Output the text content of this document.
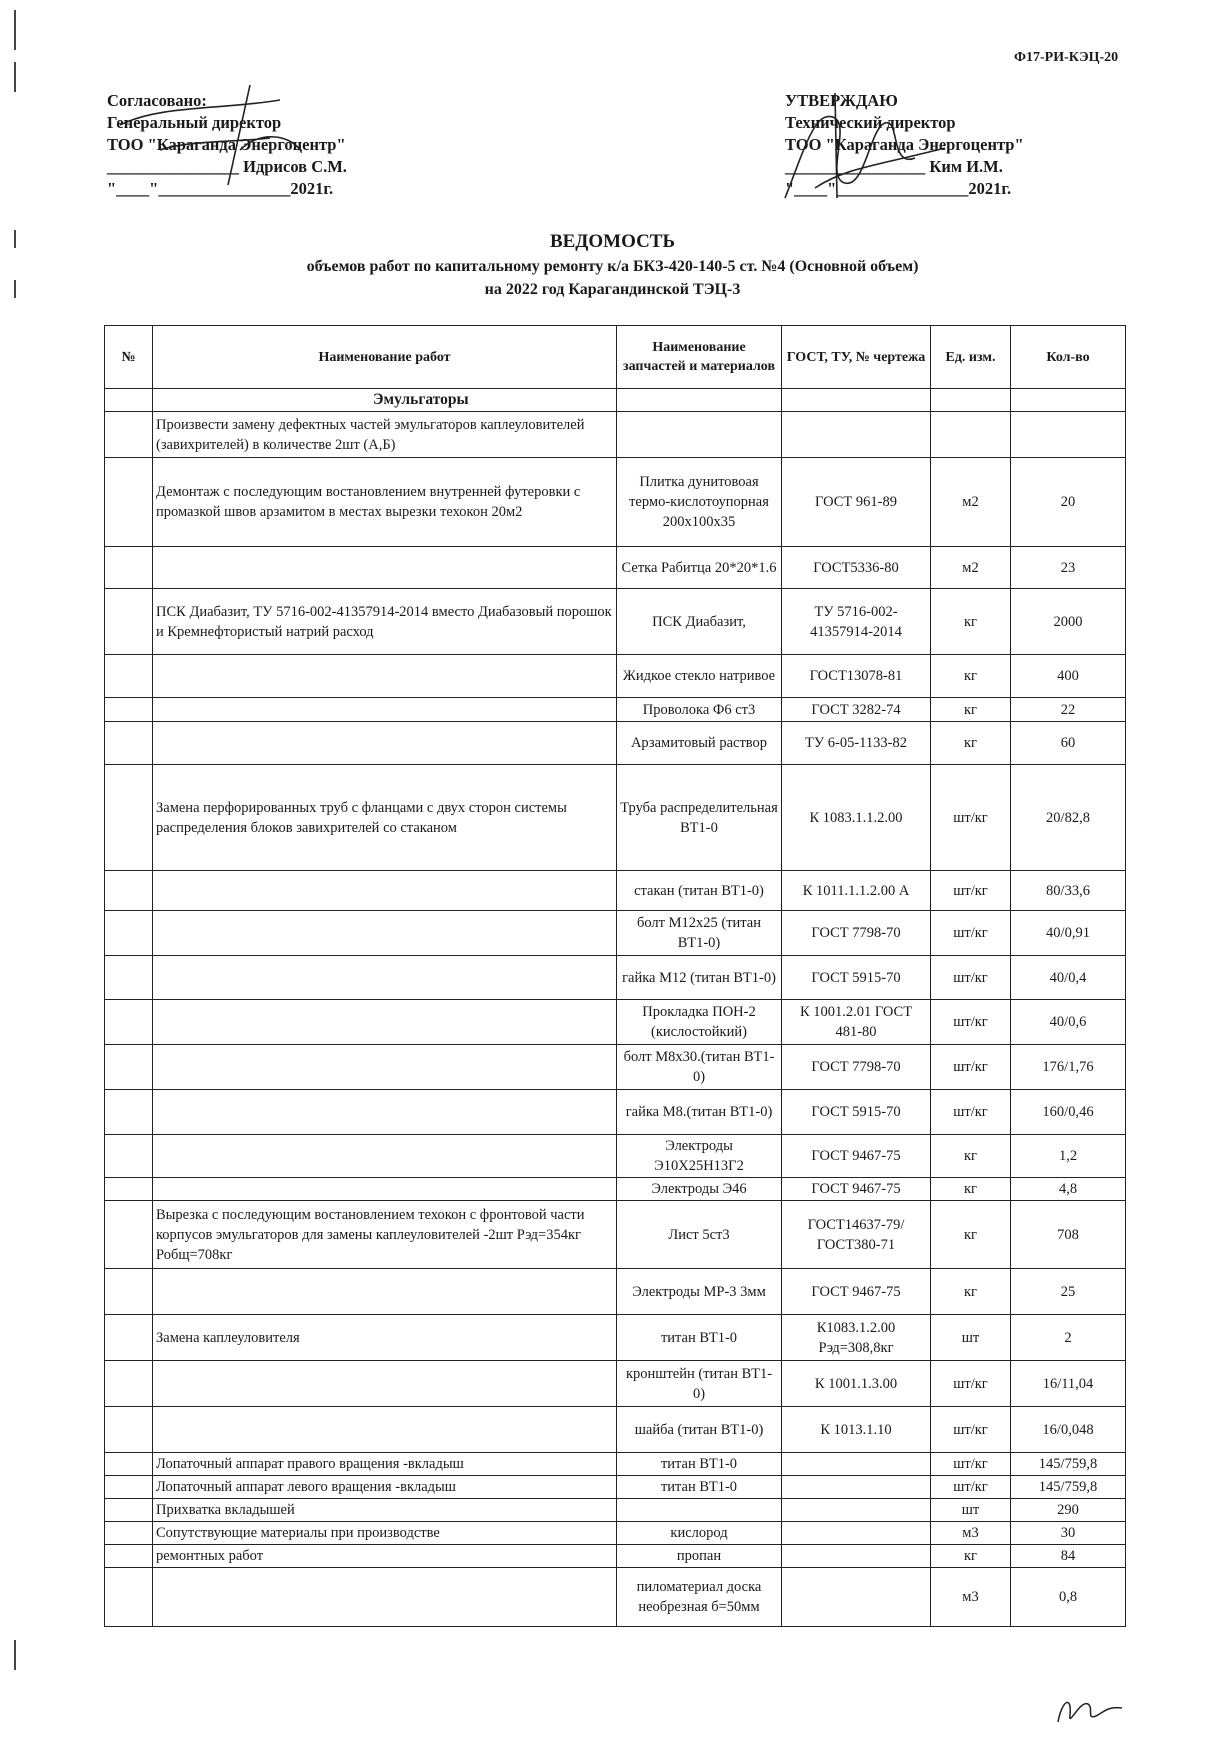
Ф17-РИ-КЭЦ-20
Согласовано:
Генеральный директор
ТОО "Караганда Энергоцентр"
________________ Идрисов С.М.
"____"________________2021г.
УТВЕРЖДАЮ
Технический директор
ТОО "Караганда Энергоцентр"
_________________ Ким И.М.
"____"________________2021г.
ВЕДОМОСТЬ
объемов работ по капитальному ремонту к/а БКЗ-420-140-5 ст. №4 (Основной объем)
на 2022 год Карагандинской ТЭЦ-3
№	Наименование работ	Наименование запчастей и материалов	ГОСТ, ТУ, № чертежа	Ед. изм.	Кол-во
	Эмульгаторы				
	Произвести замену дефектных частей эмульгаторов каплеуловителей (завихрителей) в количестве 2шт (А,Б)				
	Демонтаж с последующим востановлением внутренней футеровки с промазкой швов арзамитом в местах вырезки техокон 20м2	Плитка дунитовоая термо-кислотоупорная 200х100х35	ГОСТ 961-89	м2	20
		Сетка Рабитца 20*20*1.6	ГОСТ5336-80	м2	23
	ПСК Диабазит, ТУ 5716-002-41357914-2014 вместо Диабазовый порошок и Кремнефтористый натрий расход	ПСК Диабазит,	ТУ 5716-002-41357914-2014	кг	2000
		Жидкое стекло натривое	ГОСТ13078-81	кг	400
		Проволока Ф6 ст3	ГОСТ 3282-74	кг	22
		Арзамитовый раствор	ТУ 6-05-1133-82	кг	60
	Замена перфорированных труб с фланцами с двух сторон системы распределения блоков завихрителей со стаканом	Труба распределительная ВТ1-0	К 1083.1.1.2.00	шт/кг	20/82,8
		стакан (титан ВТ1-0)	К 1011.1.1.2.00 А	шт/кг	80/33,6
		болт М12х25 (титан ВТ1-0)	ГОСТ 7798-70	шт/кг	40/0,91
		гайка М12 (титан ВТ1-0)	ГОСТ 5915-70	шт/кг	40/0,4
		Прокладка ПОН-2 (кислостойкий)	К 1001.2.01 ГОСТ 481-80	шт/кг	40/0,6
		болт М8х30.(титан ВТ1-0)	ГОСТ 7798-70	шт/кг	176/1,76
		гайка М8.(титан ВТ1-0)	ГОСТ 5915-70	шт/кг	160/0,46
		Электроды Э10Х25Н13Г2	ГОСТ 9467-75	кг	1,2
		Электроды Э46	ГОСТ 9467-75	кг	4,8
	Вырезка с последующим востановлением техокон с фронтовой части корпусов эмульгаторов для замены каплеуловителей -2шт Рэд=354кг Робщ=708кг	Лист 5ст3	ГОСТ14637-79/ГОСТ380-71	кг	708
		Электроды МР-3 3мм	ГОСТ 9467-75	кг	25
	Замена каплеуловителя	титан ВТ1-0	К1083.1.2.00 Рэд=308,8кг	шт	2
		кронштейн (титан ВТ1-0)	К 1001.1.3.00	шт/кг	16/11,04
		шайба (титан ВТ1-0)	К 1013.1.10	шт/кг	16/0,048
	Лопаточный аппарат правого вращения -вкладыш	титан ВТ1-0		шт/кг	145/759,8
	Лопаточный аппарат левого вращения -вкладыш	титан ВТ1-0		шт/кг	145/759,8
	Прихватка вкладышей			шт	290
	Сопутствующие материалы при производстве	кислород		м3	30
	ремонтных работ	пропан		кг	84
		пиломатериал доска необрезная б=50мм		м3	0,8
